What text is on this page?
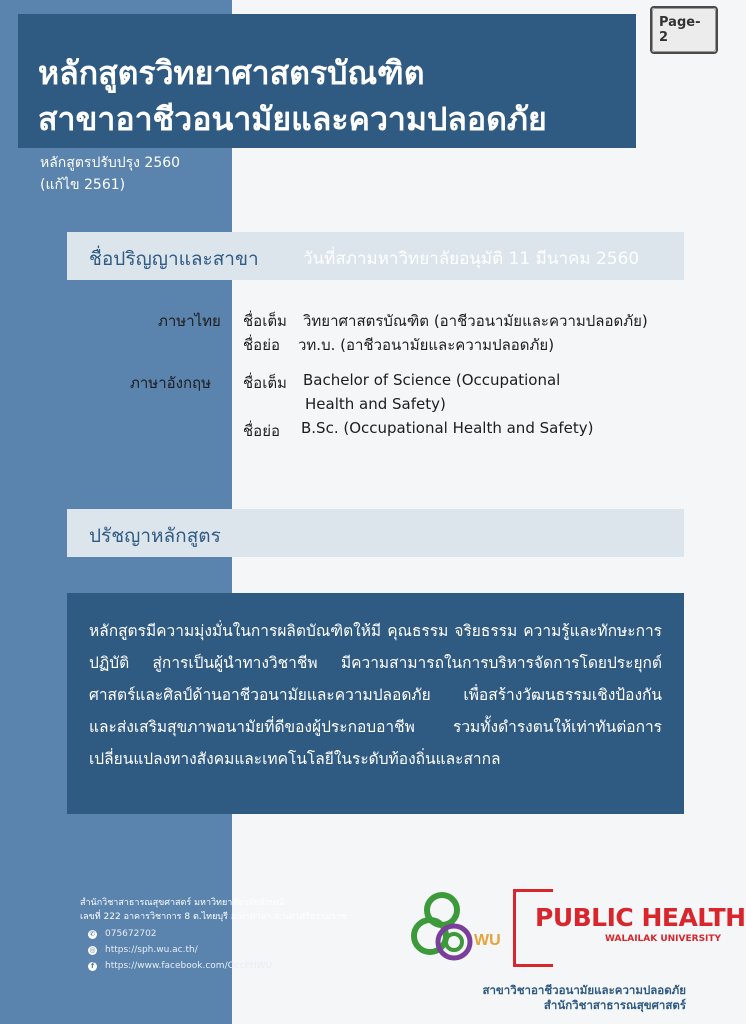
หลักสูตรวิทยาศาสตรบัณฑิต
สาขาอาชีวอนามัยและความปลอดภัย
Page-2
หลักสูตรปรับปรุง 2560
(แก้ไข 2561)
ชื่อปริญญาและสาขา	วันที่สภามหาวิทยาลัยอนุมัติ 11 มีนาคม 2560
ภาษาไทย ชื่อเต็ม วิทยาศาสตรบัณฑิต (อาชีวอนามัยและความปลอดภัย)
ชื่อย่อ วท.บ. (อาชีวอนามัยและความปลอดภัย)
ภาษาอังกฤษ ชื่อเต็ม Bachelor of Science (Occupational
Health and Safety)
ชื่อย่อ B.Sc. (Occupational Health and Safety)
ปรัชญาหลักสูตร
หลักสูตรมีความมุ่งมั่นในการผลิตบัณฑิตให้มี คุณธรรม จริยธรรม ความรู้และทักษะการปฏิบัติ สู่การเป็นผู้นำทางวิชาชีพ มีความสามารถในการบริหารจัดการโดยประยุกต์ศาสตร์และศิลป์ด้านอาชีวอนามัยและความปลอดภัย เพื่อสร้างวัฒนธรรมเชิงป้องกัน และส่งเสริมสุขภาพอนามัยที่ดีของผู้ประกอบอาชีพ รวมทั้งดำรงตนให้เท่าทันต่อการเปลี่ยนแปลงทางสังคมและเทคโนโลยีในระดับท้องถิ่นและสากล
สำนักวิชาสาธารณสุขศาสตร์ มหาวิทยาลัยวลัยลักษณ์
เลขที่ 222 อาคารวิชาการ 8 ต.ไทยบุรี อ.ท่าศาลา จ.นครศรีธรรมราช
✆ 075672702
◎ https://sph.wu.ac.th/
f	https://www.facebook.com/OccPHWU
WU
PUBLIC HEALTH
WALAILAK UNIVERSITY
สาขาวิชาอาชีวอนามัยและความปลอดภัย
สำนักวิชาสาธารณสุขศาสตร์
